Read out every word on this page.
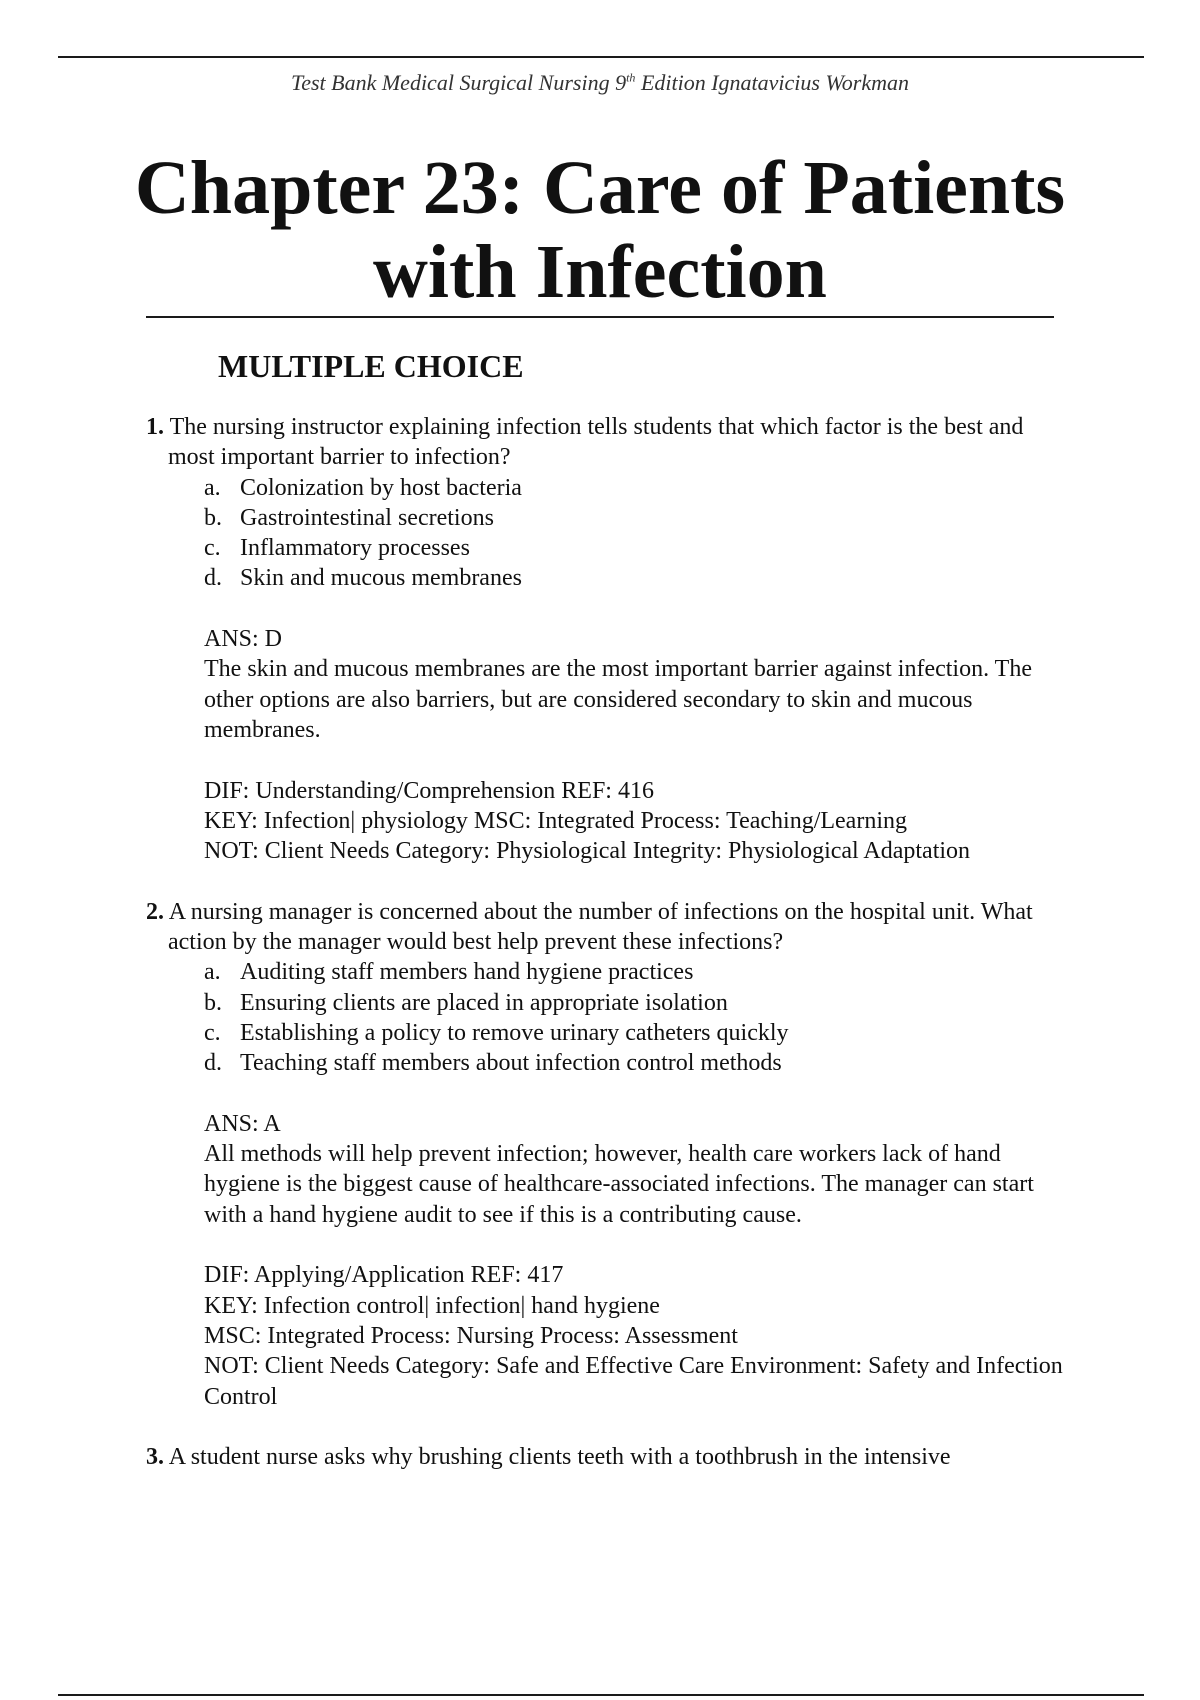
Test Bank Medical Surgical Nursing 9th Edition Ignatavicius Workman
Chapter 23: Care of Patients
with Infection
MULTIPLE CHOICE

1. The nursing instructor explaining infection tells students that which factor is the best and most important barrier to infection?

a. Colonization by host bacteria
b. Gastrointestinal secretions
c. Inflammatory processes
d. Skin and mucous membranes

ANS: D

The skin and mucous membranes are the most important barrier against infection. The other options are also barriers, but are considered secondary to skin and mucous membranes.

DIF: Understanding/Comprehension REF: 416

KEY: Infection| physiology MSC: Integrated Process: Teaching/Learning

NOT: Client Needs Category: Physiological Integrity: Physiological Adaptation

2. A nursing manager is concerned about the number of infections on the hospital unit. What action by the manager would best help prevent these infections?

a. Auditing staff members hand hygiene practices
b. Ensuring clients are placed in appropriate isolation
c. Establishing a policy to remove urinary catheters quickly
d. Teaching staff members about infection control methods

ANS: A

All methods will help prevent infection; however, health care workers lack of hand hygiene is the biggest cause of healthcare-associated infections. The manager can start with a hand hygiene audit to see if this is a contributing cause.

DIF: Applying/Application REF: 417

KEY: Infection control| infection| hand hygiene

MSC: Integrated Process: Nursing Process: Assessment

NOT: Client Needs Category: Safe and Effective Care Environment: Safety and Infection Control

3. A student nurse asks why brushing clients teeth with a toothbrush in the intensive
